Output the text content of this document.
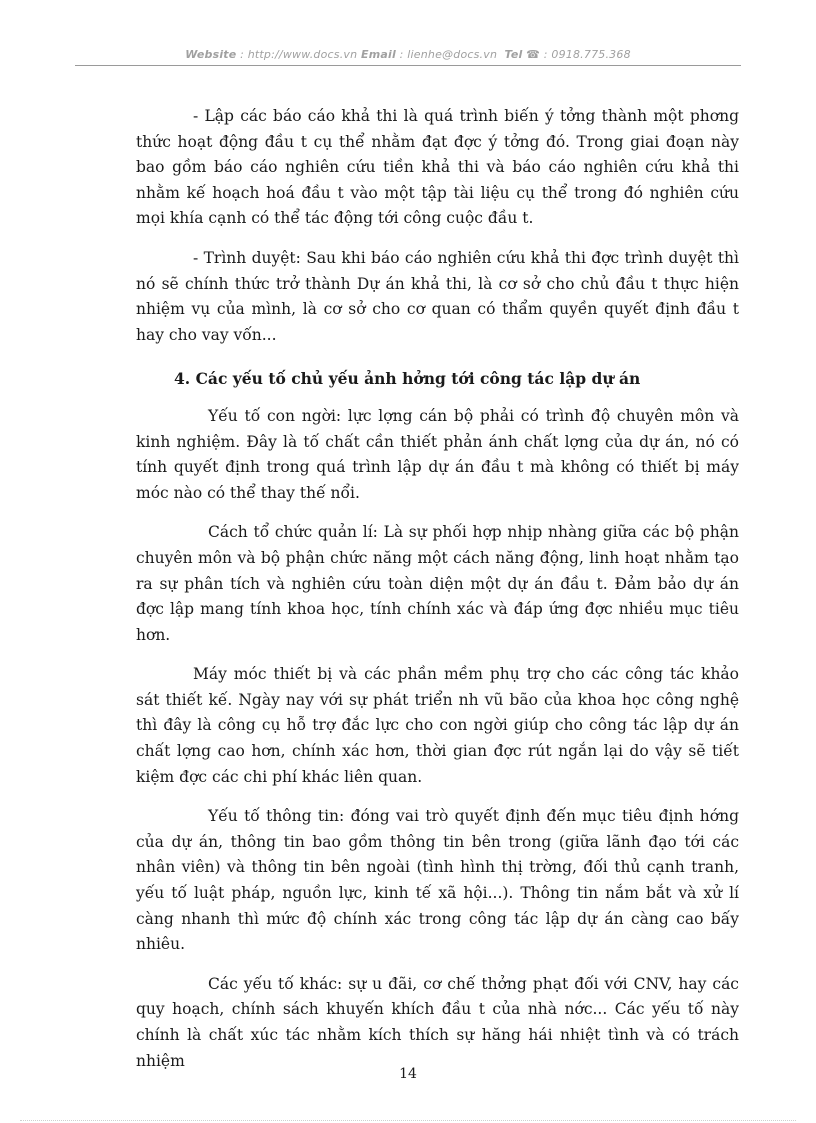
Website : http://www.docs.vn Email : lienhe@docs.vn Tel ☎ : 0918.775.368

- Lập các báo cáo khả thi là quá trình biến ý tởng thành một phơng thức hoạt động đầu t cụ thể nhằm đạt đợc ý tởng đó. Trong giai đoạn này bao gồm báo cáo nghiên cứu tiền khả thi và báo cáo nghiên cứu khả thi nhằm kế hoạch hoá đầu t vào một tập tài liệu cụ thể trong đó nghiên cứu mọi khía cạnh có thể tác động tới công cuộc đầu t.

- Trình duyệt: Sau khi báo cáo nghiên cứu khả thi đợc trình duyệt thì nó sẽ chính thức trở thành Dự án khả thi, là cơ sở cho chủ đầu t thực hiện nhiệm vụ của mình, là cơ sở cho cơ quan có thẩm quyền quyết định đầu t hay cho vay vốn...

4. Các yếu tố chủ yếu ảnh hởng tới công tác lập dự án

Yếu tố con ngời: lực lợng cán bộ phải có trình độ chuyên môn và kinh nghiệm. Đây là tố chất cần thiết phản ánh chất lợng của dự án, nó có tính quyết định trong quá trình lập dự án đầu t mà không có thiết bị máy móc nào có thể thay thế nổi.

Cách tổ chức quản lí: Là sự phối hợp nhịp nhàng giữa các bộ phận chuyên môn và bộ phận chức năng một cách năng động, linh hoạt nhằm tạo ra sự phân tích và nghiên cứu toàn diện một dự án đầu t. Đảm bảo dự án đợc lập mang tính khoa học, tính chính xác và đáp ứng đợc nhiều mục tiêu hơn.

Máy móc thiết bị và các phần mềm phụ trợ cho các công tác khảo sát thiết kế. Ngày nay với sự phát triển nh vũ bão của khoa học công nghệ thì đây là công cụ hỗ trợ đắc lực cho con ngời giúp cho công tác lập dự án chất lợng cao hơn, chính xác hơn, thời gian đợc rút ngắn lại do vậy sẽ tiết kiệm đợc các chi phí khác liên quan.

Yếu tố thông tin: đóng vai trò quyết định đến mục tiêu định hớng của dự án, thông tin bao gồm thông tin bên trong (giữa lãnh đạo tới các nhân viên) và thông tin bên ngoài (tình hình thị trờng, đối thủ cạnh tranh, yếu tố luật pháp, nguồn lực, kinh tế xã hội...). Thông tin nắm bắt và xử lí càng nhanh thì mức độ chính xác trong công tác lập dự án càng cao bấy nhiêu.

Các yếu tố khác: sự u đãi, cơ chế thởng phạt đối với CNV, hay các quy hoạch, chính sách khuyến khích đầu t của nhà nớc... Các yếu tố này chính là chất xúc tác nhằm kích thích sự hăng hái nhiệt tình và có trách nhiệm

14
